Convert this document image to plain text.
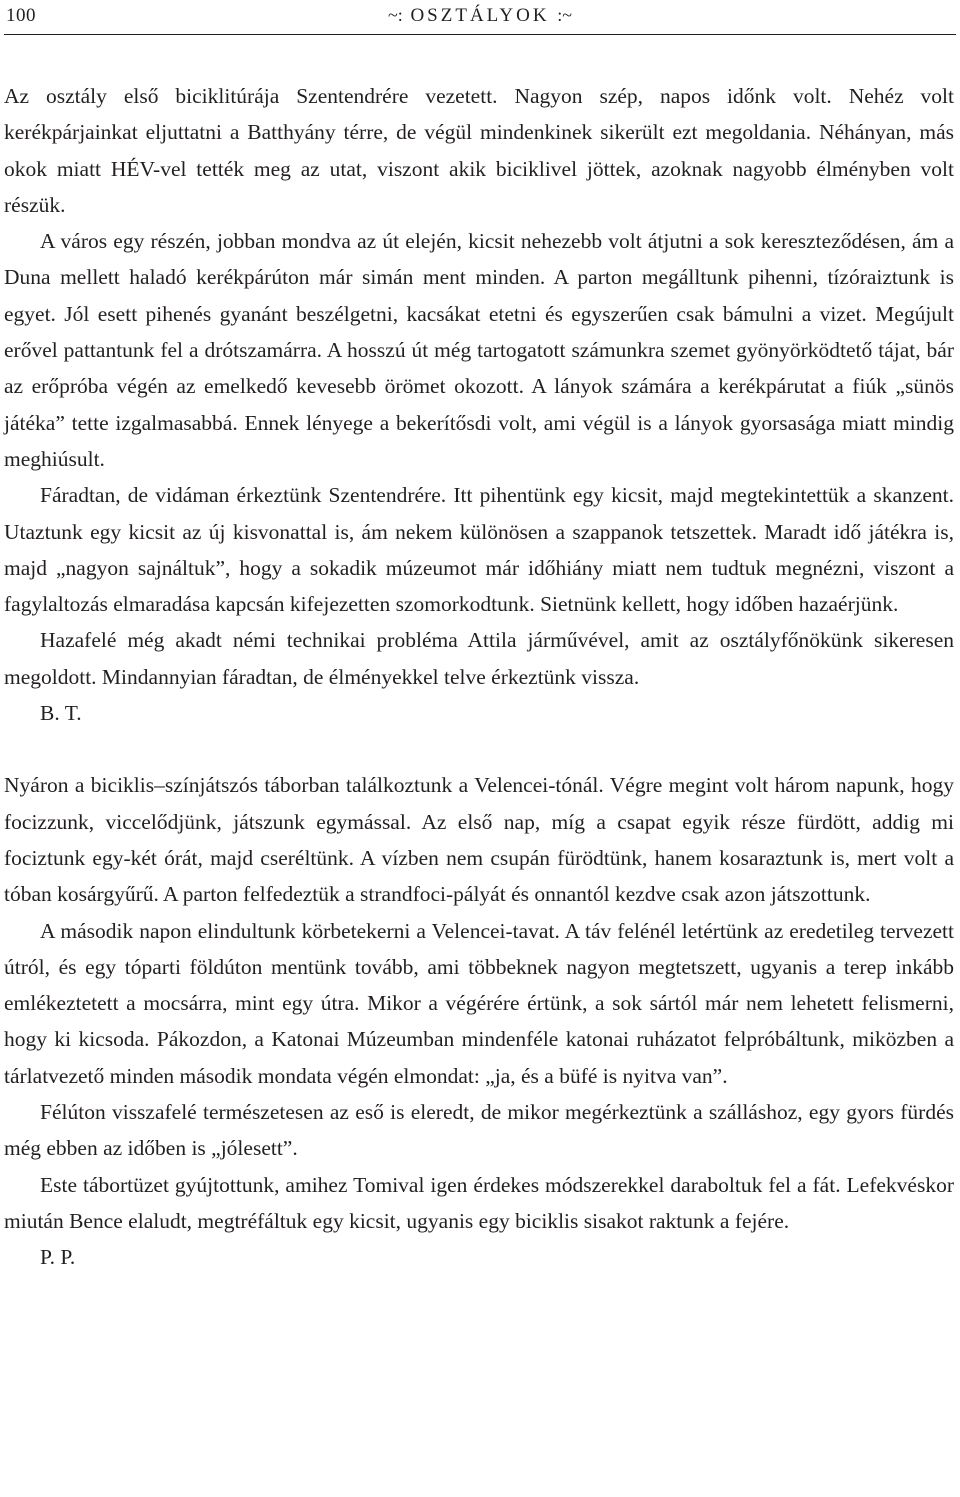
100	~: OSZTÁLYOK :~

Az osztály első biciklitúrája Szentendrére vezetett. Nagyon szép, napos időnk volt. Nehéz volt kerékpárjainkat eljuttatni a Batthyány térre, de végül mindenkinek sikerült ezt megoldania. Néhányan, más okok miatt HÉV-vel tették meg az utat, viszont akik biciklivel jöttek, azoknak nagyobb élményben volt részük.

A város egy részén, jobban mondva az út elején, kicsit nehezebb volt átjutni a sok kereszteződésen, ám a Duna mellett haladó kerékpárúton már simán ment minden. A parton megálltunk pihenni, tízóraiztunk is egyet. Jól esett pihenés gyanánt beszélgetni, kacsákat etetni és egyszerűen csak bámulni a vizet. Megújult erővel pattantunk fel a drótszamárra. A hosszú út még tartogatott számunkra szemet gyönyörködtető tájat, bár az erőpróba végén az emelkedő kevesebb örömet okozott. A lányok számára a kerékpárutat a fiúk „sünös játéka” tette izgalmasabbá. Ennek lényege a bekerítősdi volt, ami végül is a lányok gyorsasága miatt mindig meghiúsult.

Fáradtan, de vidáman érkeztünk Szentendrére. Itt pihentünk egy kicsit, majd megtekintettük a skanzent. Utaztunk egy kicsit az új kisvonattal is, ám nekem különösen a szappanok tetszettek. Maradt idő játékra is, majd „nagyon sajnáltuk”, hogy a sokadik múzeumot már időhiány miatt nem tudtuk megnézni, viszont a fagylaltozás elmaradása kapcsán kifejezetten szomorkodtunk. Sietnünk kellett, hogy időben hazaérjünk.

Hazafelé még akadt némi technikai probléma Attila járművével, amit az osztályfőnökünk sikeresen megoldott. Mindannyian fáradtan, de élményekkel telve érkeztünk vissza.

B. T.

Nyáron a biciklis–színjátszós táborban találkoztunk a Velencei-tónál. Végre megint volt három napunk, hogy focizzunk, viccelődjünk, játszunk egymással. Az első nap, míg a csapat egyik része fürdött, addig mi fociztunk egy-két órát, majd cseréltünk. A vízben nem csupán fürödtünk, hanem kosaraztunk is, mert volt a tóban kosárgyűrű. A parton felfedeztük a strandfoci-pályát és onnantól kezdve csak azon játszottunk.

A második napon elindultunk körbetekerni a Velencei-tavat. A táv felénél letértünk az eredetileg tervezett útról, és egy tóparti földúton mentünk tovább, ami többeknek nagyon megtetszett, ugyanis a terep inkább emlékeztetett a mocsárra, mint egy útra. Mikor a végérére értünk, a sok sártól már nem lehetett felismerni, hogy ki kicsoda. Pákozdon, a Katonai Múzeumban mindenféle katonai ruházatot felpróbáltunk, miközben a tárlatvezető minden második mondata végén elmondat: „ja, és a büfé is nyitva van”.

Félúton visszafelé természetesen az eső is eleredt, de mikor megérkeztünk a szálláshoz, egy gyors fürdés még ebben az időben is „jólesett”.

Este tábortüzet gyújtottunk, amihez Tomival igen érdekes módszerekkel daraboltuk fel a fát. Lefekvéskor miután Bence elaludt, megtréfáltuk egy kicsit, ugyanis egy biciklis sisakot raktunk a fejére.

P. P.
